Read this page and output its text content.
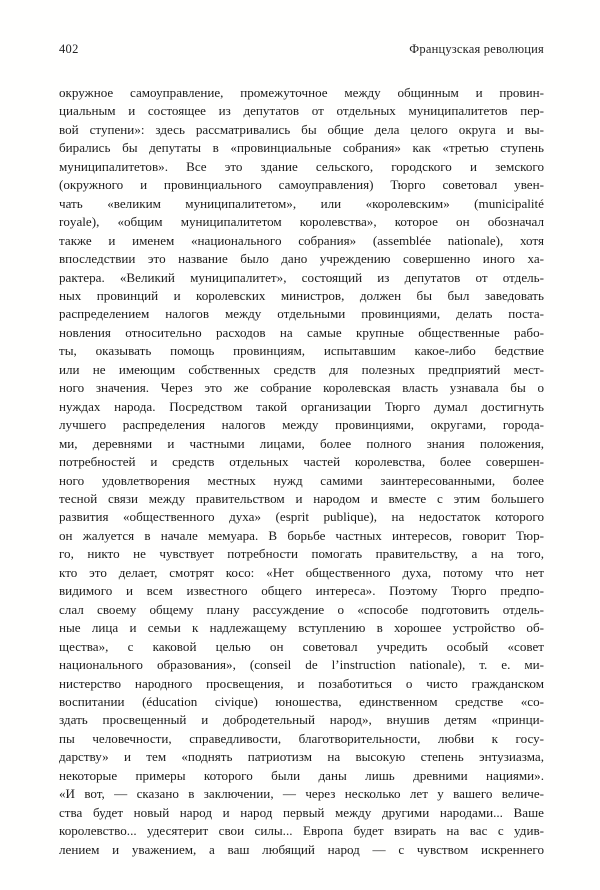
402	Французская революция
окружное самоуправление, промежуточное между общинным и провин-
циальным и состоящее из депутатов от отдельных муниципалитетов пер-
вой ступени»: здесь рассматривались бы общие дела целого округа и вы-
бирались бы депутаты в «провинциальные собрания» как «третью ступень
муниципалитетов». Все это здание сельского, городского и земского
(окружного и провинциального самоуправления) Тюрго советовал увен-
чать «великим муниципалитетом», или «королевским» (municipalité
royale), «общим муниципалитетом королевства», которое он обозначал
также и именем «национального собрания» (assemblée nationale), хотя
впоследствии это название было дано учреждению совершенно иного ха-
рактера. «Великий муниципалитет», состоящий из депутатов от отдель-
ных провинций и королевских министров, должен бы был заведовать
распределением налогов между отдельными провинциями, делать поста-
новления относительно расходов на самые крупные общественные рабо-
ты, оказывать помощь провинциям, испытавшим какое-либо бедствие
или не имеющим собственных средств для полезных предприятий мест-
ного значения. Через это же собрание королевская власть узнавала бы о
нуждах народа. Посредством такой организации Тюрго думал достигнуть
лучшего распределения налогов между провинциями, округами, города-
ми, деревнями и частными лицами, более полного знания положения,
потребностей и средств отдельных частей королевства, более совершен-
ного удовлетворения местных нужд самими заинтересованными, более
тесной связи между правительством и народом и вместе с этим большего
развития «общественного духа» (esprit publique), на недостаток которого
он жалуется в начале мемуара. В борьбе частных интересов, говорит Тюр-
го, никто не чувствует потребности помогать правительству, а на того,
кто это делает, смотрят косо: «Нет общественного духа, потому что нет
видимого и всем известного общего интереса». Поэтому Тюрго предпо-
слал своему общему плану рассуждение о «способе подготовить отдель-
ные лица и семьи к надлежащему вступлению в хорошее устройство об-
щества», с каковой целью он советовал учредить особый «совет
национального образования», (conseil de l’instruction nationale), т. е. ми-
нистерство народного просвещения, и позаботиться о чисто гражданском
воспитании (éducation civique) юношества, единственном средстве «со-
здать просвещенный и добродетельный народ», внушив детям «принци-
пы человечности, справедливости, благотворительности, любви к госу-
дарству» и тем «поднять патриотизм на высокую степень энтузиазма,
некоторые примеры которого были даны лишь древними нациями».
«И вот, — сказано в заключении, — через несколько лет у вашего величе-
ства будет новый народ и народ первый между другими народами... Ваше
королевство... удесятерит свои силы... Европа будет взирать на вас с удив-
лением и уважением, а ваш любящий народ — с чувством искреннего
